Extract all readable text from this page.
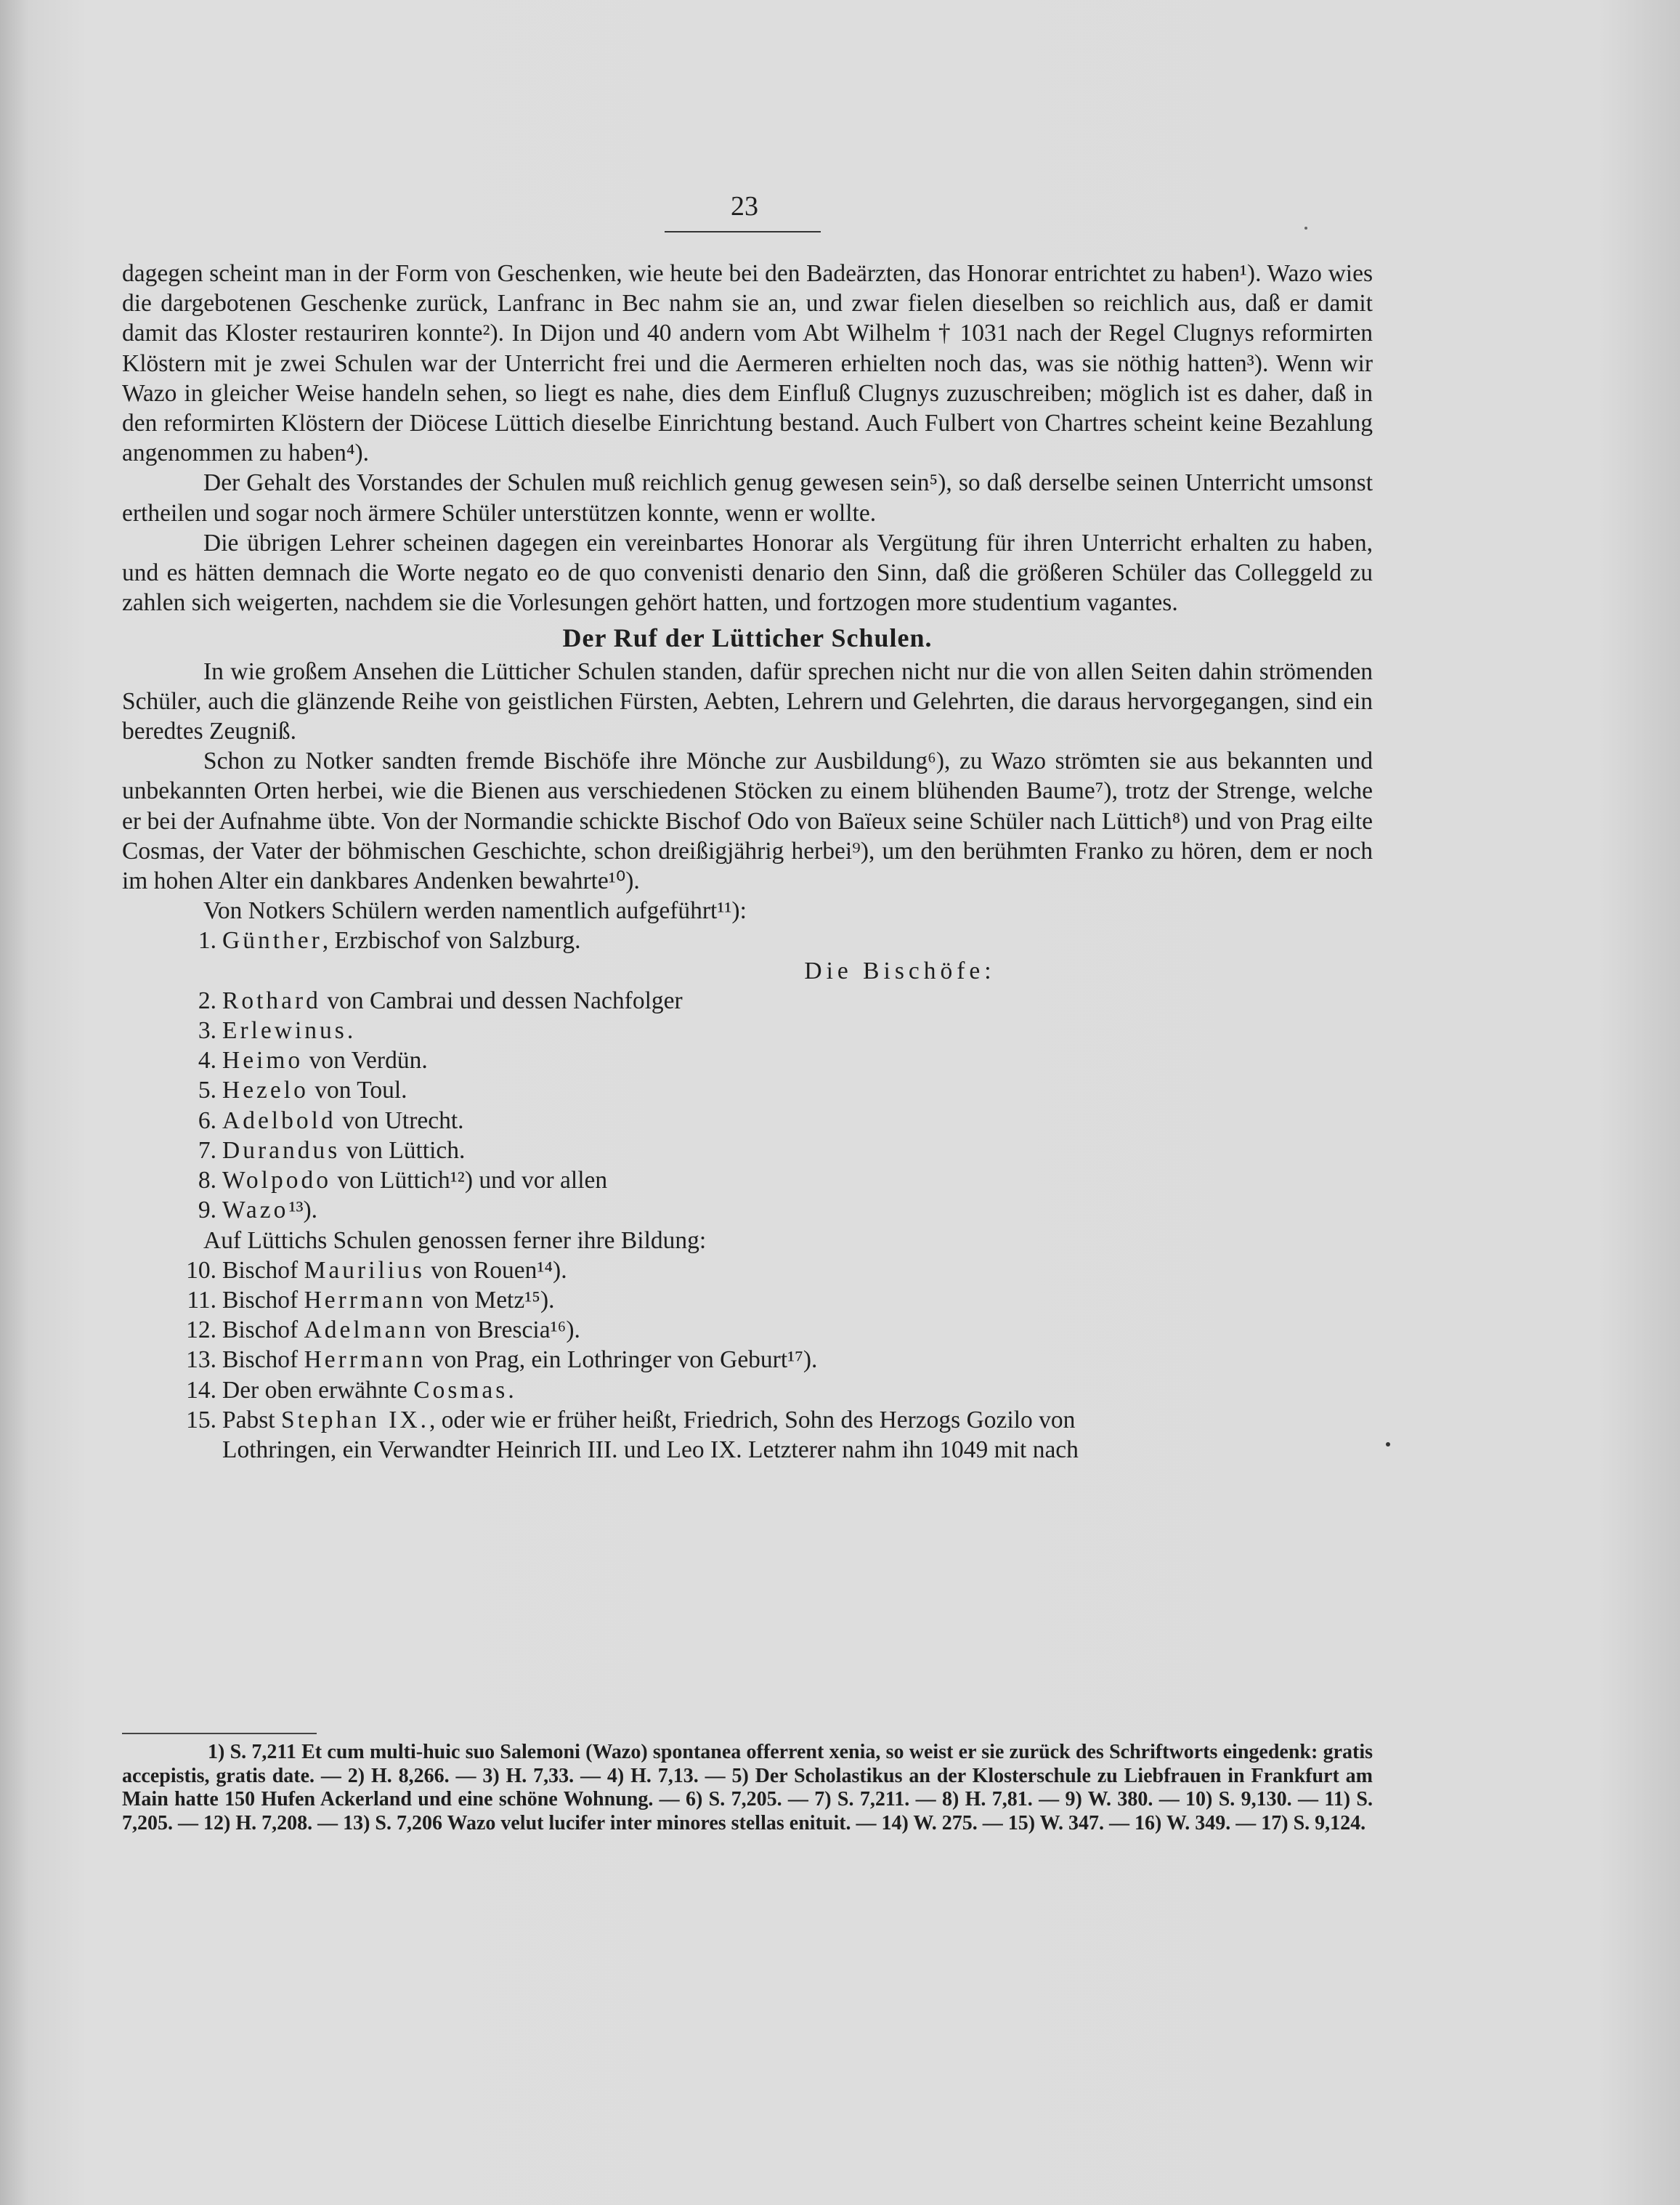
23

dagegen scheint man in der Form von Geschenken, wie heute bei den Badeärzten, das Honorar entrichtet zu haben¹). Wazo wies die dargebotenen Geschenke zurück, Lanfranc in Bec nahm sie an, und zwar fielen dieselben so reichlich aus, daß er damit damit das Kloster restauriren konnte²). In Dijon und 40 andern vom Abt Wilhelm † 1031 nach der Regel Clugnys reformirten Klöstern mit je zwei Schulen war der Unterricht frei und die Aermeren erhielten noch das, was sie nöthig hatten³). Wenn wir Wazo in gleicher Weise handeln sehen, so liegt es nahe, dies dem Einfluß Clugnys zuzuschreiben; möglich ist es daher, daß in den reformirten Klöstern der Diöcese Lüttich dieselbe Einrichtung bestand. Auch Fulbert von Chartres scheint keine Bezahlung angenommen zu haben⁴).

Der Gehalt des Vorstandes der Schulen muß reichlich genug gewesen sein⁵), so daß derselbe seinen Unterricht umsonst ertheilen und sogar noch ärmere Schüler unterstützen konnte, wenn er wollte.

Die übrigen Lehrer scheinen dagegen ein vereinbartes Honorar als Vergütung für ihren Unterricht erhalten zu haben, und es hätten demnach die Worte negato eo de quo convenisti denario den Sinn, daß die größeren Schüler das Colleggeld zu zahlen sich weigerten, nachdem sie die Vorlesungen gehört hatten, und fortzogen more studentium vagantes.

Der Ruf der Lütticher Schulen.

In wie großem Ansehen die Lütticher Schulen standen, dafür sprechen nicht nur die von allen Seiten dahin strömenden Schüler, auch die glänzende Reihe von geistlichen Fürsten, Aebten, Lehrern und Gelehrten, die daraus hervorgegangen, sind ein beredtes Zeugniß.

Schon zu Notker sandten fremde Bischöfe ihre Mönche zur Ausbildung⁶), zu Wazo strömten sie aus bekannten und unbekannten Orten herbei, wie die Bienen aus verschiedenen Stöcken zu einem blühenden Baume⁷), trotz der Strenge, welche er bei der Aufnahme übte. Von der Normandie schickte Bischof Odo von Baïeux seine Schüler nach Lüttich⁸) und von Prag eilte Cosmas, der Vater der böhmischen Geschichte, schon dreißigjährig herbei⁹), um den berühmten Franko zu hören, dem er noch im hohen Alter ein dankbares Andenken bewahrte¹⁰).

Von Notkers Schülern werden namentlich aufgeführt¹¹):

1. Günther, Erzbischof von Salzburg.
Die Bischöfe:
2. Rothard von Cambrai und dessen Nachfolger
3. Erlewinus.
4. Heimo von Verdün.
5. Hezelo von Toul.
6. Adelbold von Utrecht.
7. Durandus von Lüttich.
8. Wolpodo von Lüttich¹²) und vor allen
9. Wazo¹³).

Auf Lüttichs Schulen genossen ferner ihre Bildung:

10. Bischof Maurilius von Rouen¹⁴).
11. Bischof Herrmann von Metz¹⁵).
12. Bischof Adelmann von Brescia¹⁶).
13. Bischof Herrmann von Prag, ein Lothringer von Geburt¹⁷).
14. Der oben erwähnte Cosmas.
15. Pabst Stephan IX., oder wie er früher heißt, Friedrich, Sohn des Herzogs Gozilo von
Lothringen, ein Verwandter Heinrich III. und Leo IX. Letzterer nahm ihn 1049 mit nach
1) S. 7,211 Et cum multi-huic suo Salemoni (Wazo) spontanea offerrent xenia, so weist er sie zurück des Schriftworts eingedenk: gratis accepistis, gratis date. — 2) H. 8,266. — 3) H. 7,33. — 4) H. 7,13. — 5) Der Scholastikus an der Klosterschule zu Liebfrauen in Frankfurt am Main hatte 150 Hufen Ackerland und eine schöne Wohnung. — 6) S. 7,205. — 7) S. 7,211. — 8) H. 7,81. — 9) W. 380. — 10) S. 9,130. — 11) S. 7,205. — 12) H. 7,208. — 13) S. 7,206 Wazo velut lucifer inter minores stellas enituit. — 14) W. 275. — 15) W. 347. — 16) W. 349. — 17) S. 9,124.
